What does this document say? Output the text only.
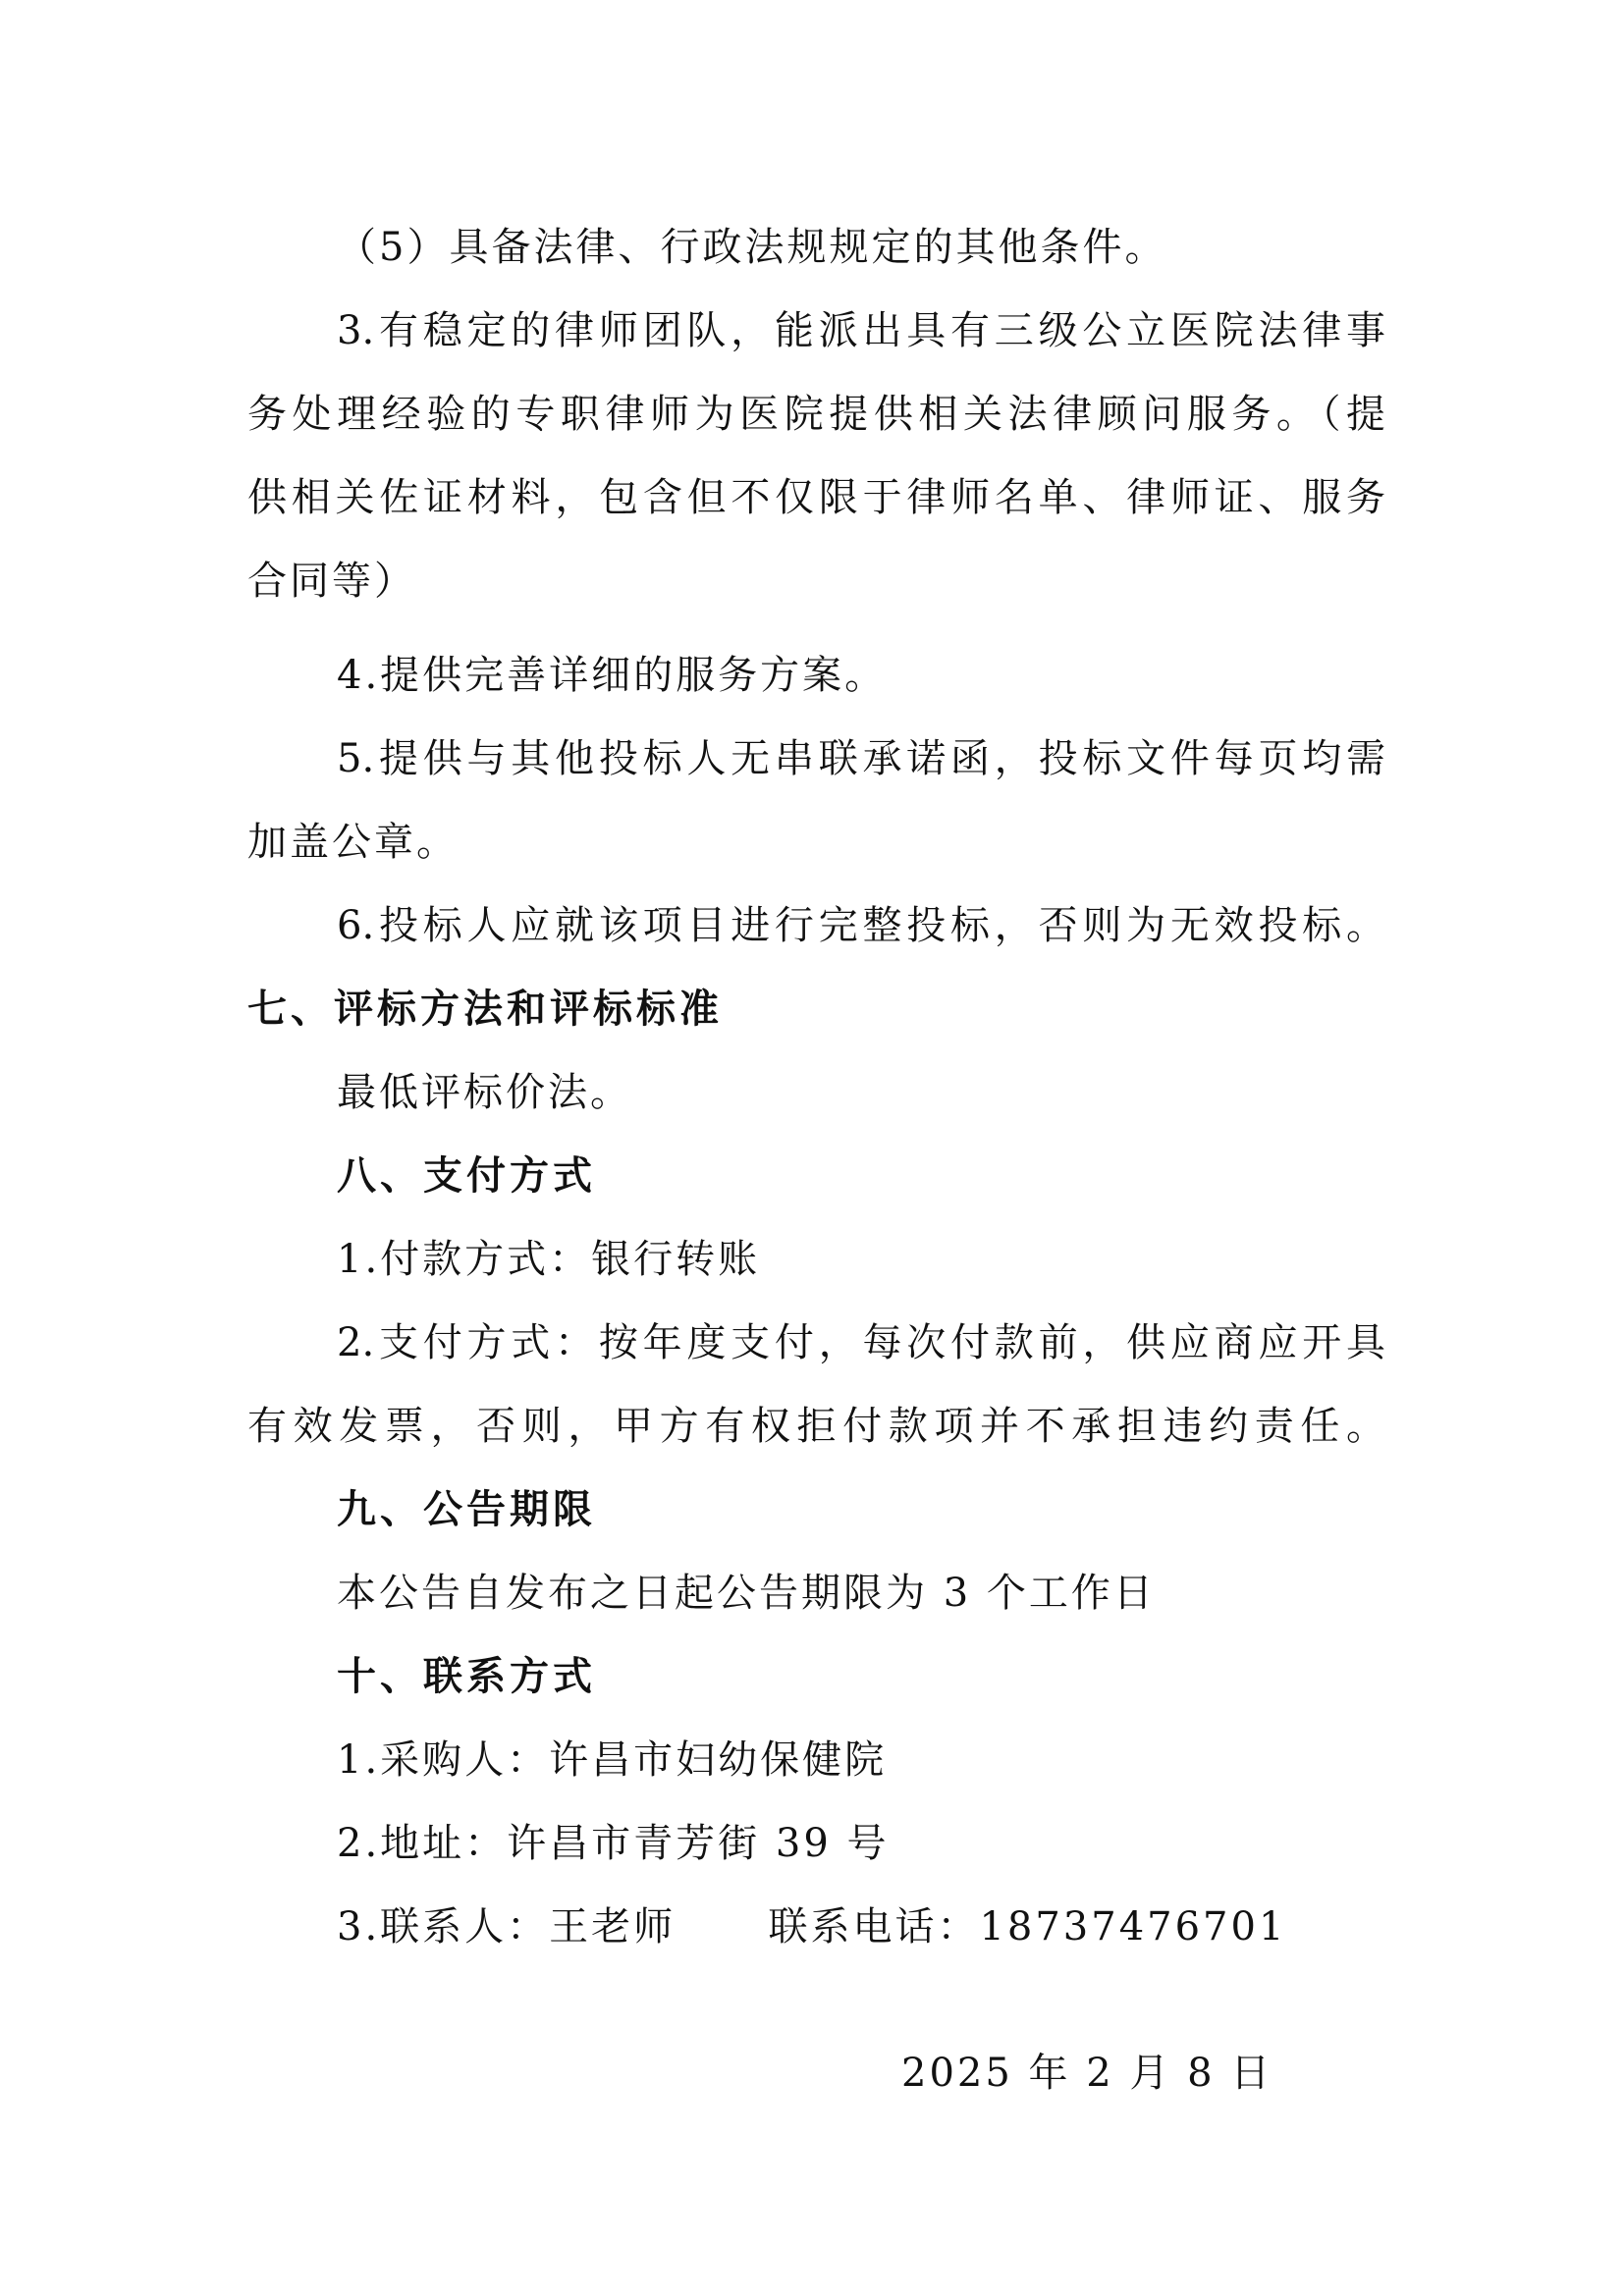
（5）具备法律、行政法规规定的其他条件。
3.有稳定的律师团队，能派出具有三级公立医院法律事
务处理经验的专职律师为医院提供相关法律顾问服务。（提
供相关佐证材料，包含但不仅限于律师名单、律师证、服务
合同等）
4.提供完善详细的服务方案。
5.提供与其他投标人无串联承诺函，投标文件每页均需
加盖公章。
6.投标人应就该项目进行完整投标，否则为无效投标。
七、评标方法和评标标准
最低评标价法。
八、支付方式
1.付款方式：银行转账
2.支付方式：按年度支付，每次付款前，供应商应开具
有效发票，否则，甲方有权拒付款项并不承担违约责任。
九、公告期限
本公告自发布之日起公告期限为 3 个工作日
十、联系方式
1.采购人：许昌市妇幼保健院
2.地址：许昌市青芳街 39 号
3.联系人：王老师      联系电话：18737476701
2025 年 2 月 8 日
